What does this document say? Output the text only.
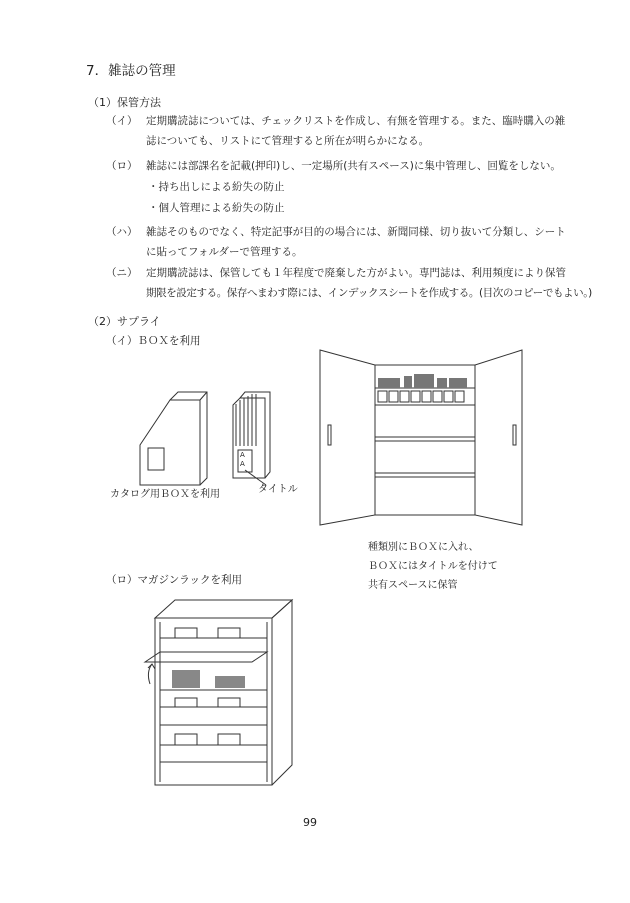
7．雑誌の管理
（1）保管方法
（イ） 定期購読誌については、チェックリストを作成し、有無を管理する。また、臨時購入の雑
誌についても、リストにて管理すると所在が明らかになる。
（ロ） 雑誌には部課名を記載(押印)し、一定場所(共有スペース)に集中管理し、回覧をしない。
・持ち出しによる紛失の防止
・個人管理による紛失の防止
（ハ） 雑誌そのものでなく、特定記事が目的の場合には、新聞同様、切り抜いて分類し、シート
に貼ってフォルダーで管理する。
（ニ） 定期購読誌は、保管しても１年程度で廃棄した方がよい。専門誌は、利用頻度により保管
期限を設定する。保存へまわす際には、インデックスシートを作成する。(目次のコピーでもよい。)
（2）サプライ
（イ）ＢＯＸを利用
A
A
カタログ用ＢＯＸを利用	タイトル
種類別にＢＯＸに入れ、
ＢＯＸにはタイトルを付けて
共有スペースに保管
（ロ）マガジンラックを利用
99
